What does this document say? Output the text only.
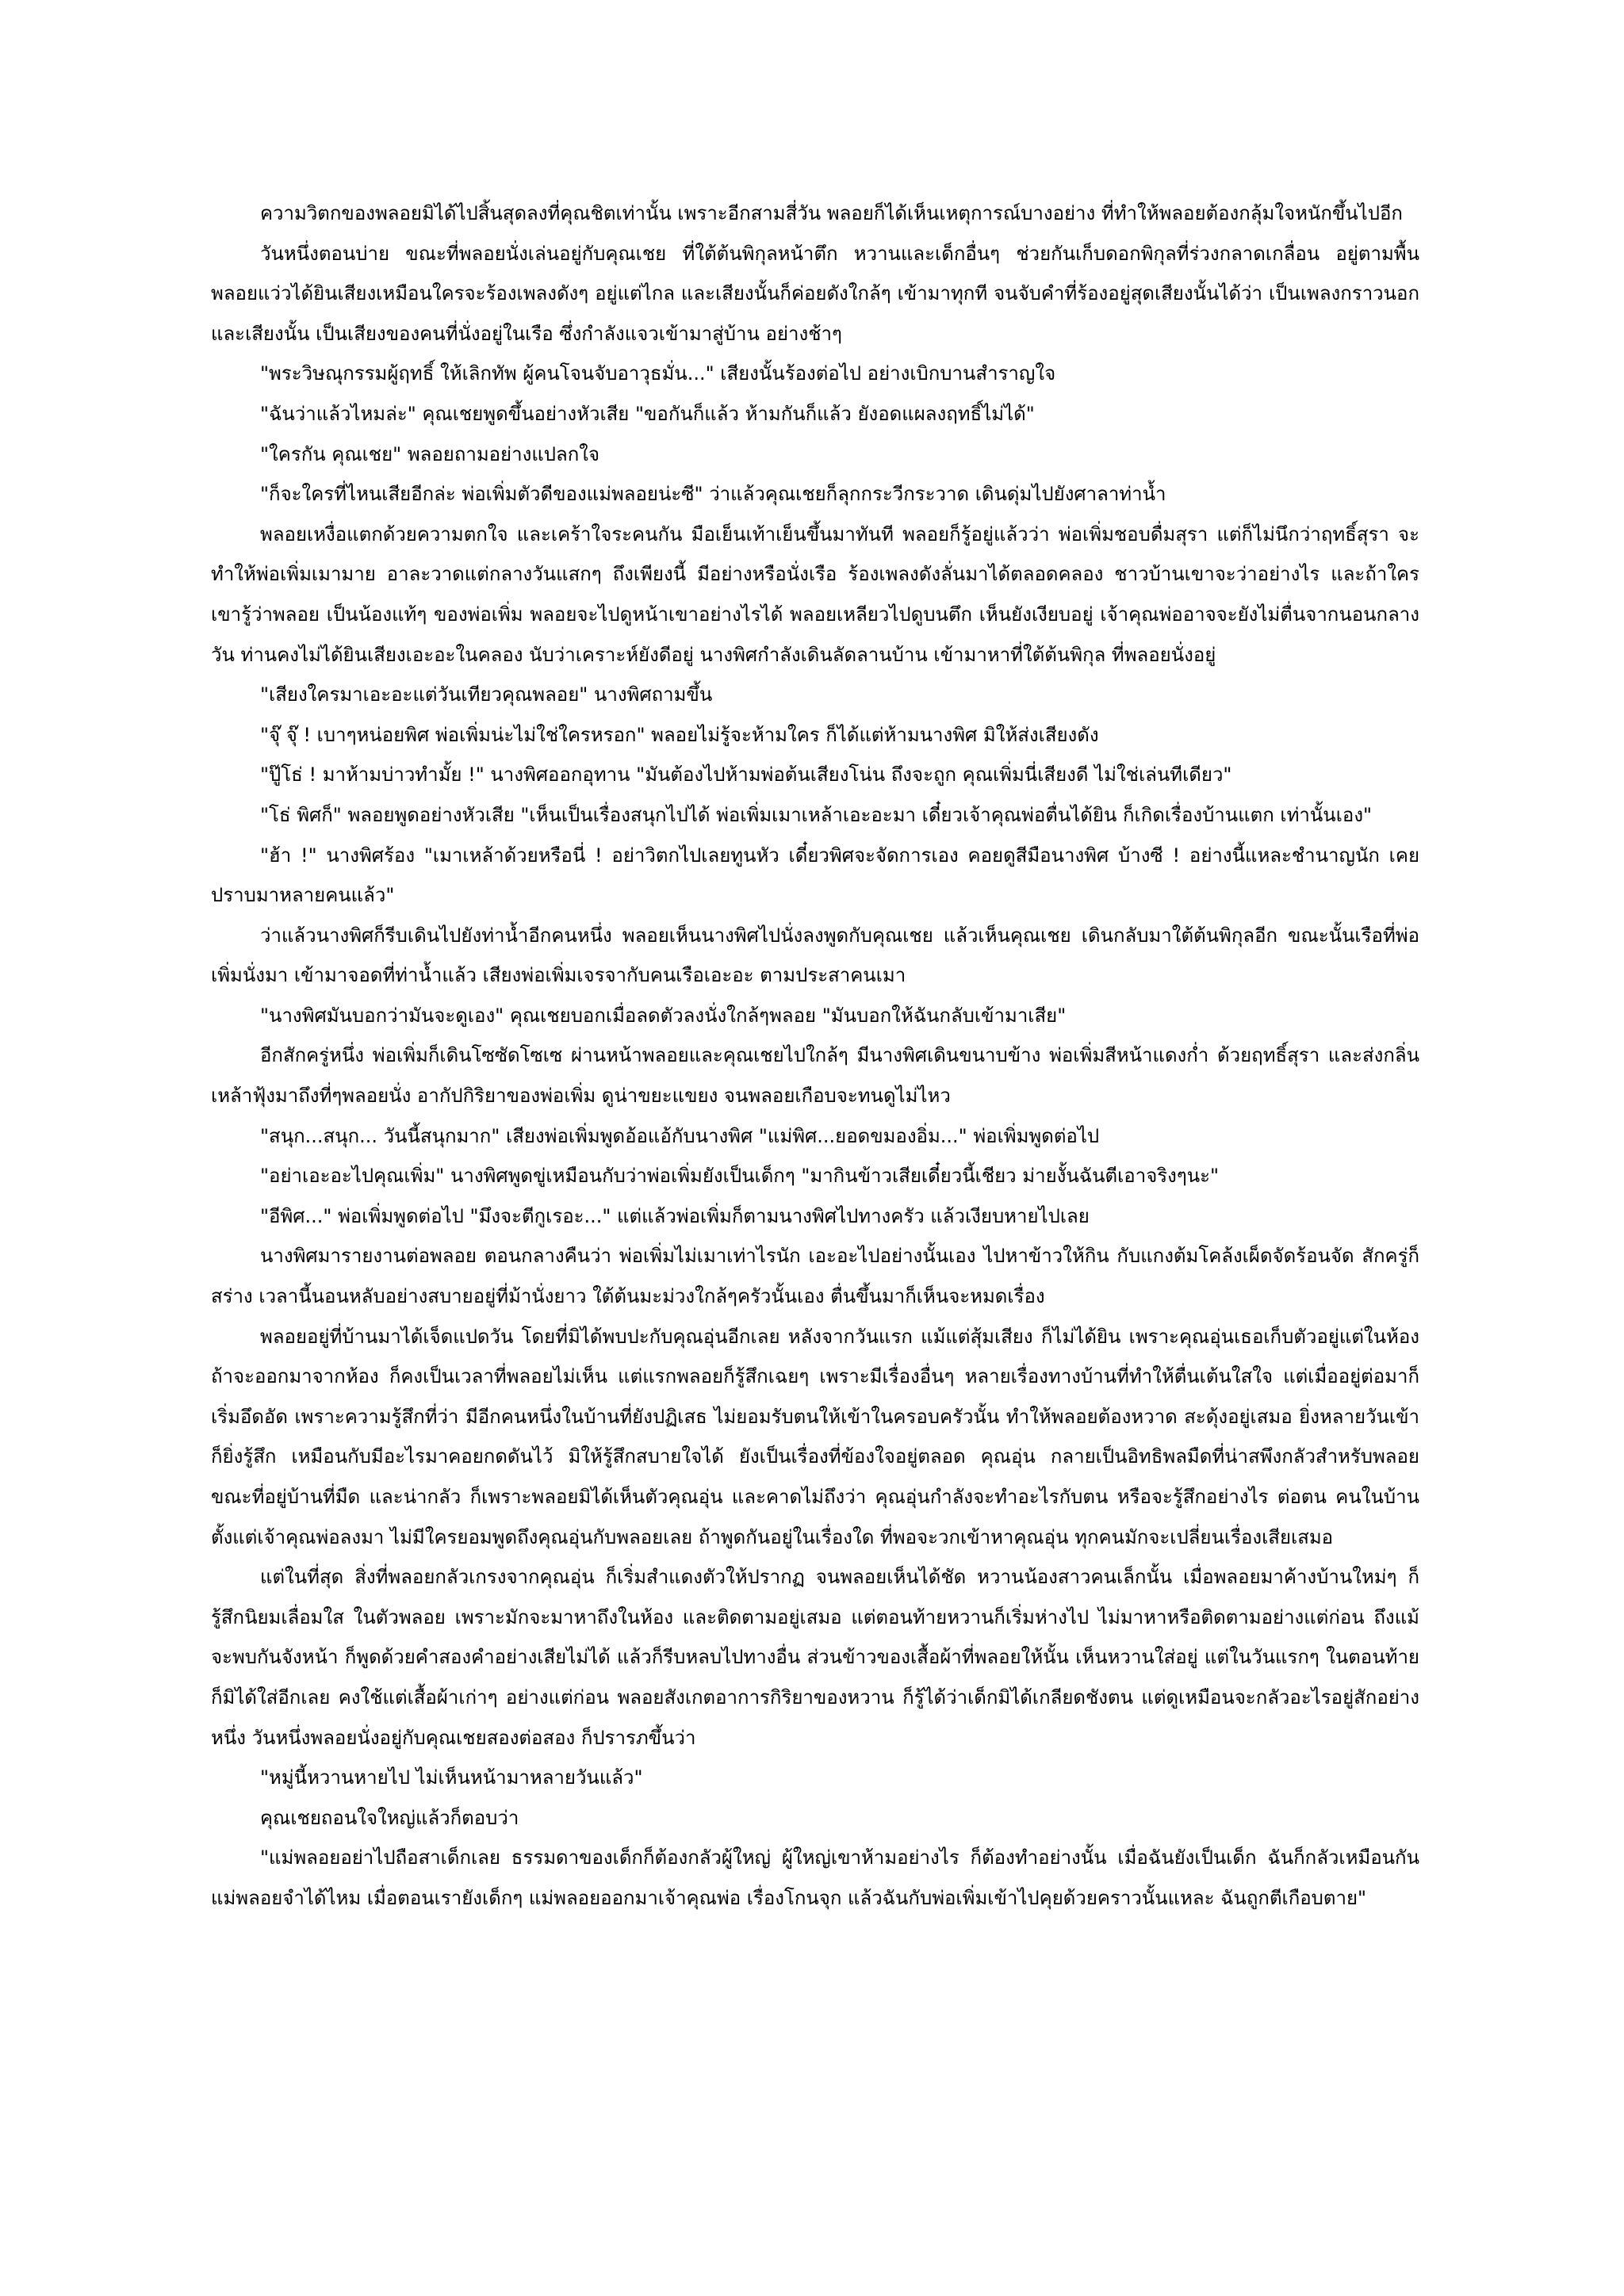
ความวิตกของพลอยมิได้ไปสิ้นสุดลงที่คุณชิตเท่านั้น เพราะอีกสามสี่วัน พลอยก็ได้เห็นเหตุการณ์บางอย่าง ที่ทำให้พลอยต้องกลุ้มใจหนักขึ้นไปอีก

วันหนึ่งตอนบ่าย ขณะที่พลอยนั่งเล่นอยู่กับคุณเชย ที่ใต้ต้นพิกุลหน้าตึก หวานและเด็กอื่นๆ ช่วยกันเก็บดอกพิกุลที่ร่วงกลาดเกลื่อน อยู่ตามพื้น พลอยแว่วได้ยินเสียงเหมือนใครจะร้องเพลงดังๆ อยู่แต่ไกล และเสียงนั้นก็ค่อยดังใกล้ๆ เข้ามาทุกที จนจับคำที่ร้องอยู่สุดเสียงนั้นได้ว่า เป็นเพลงกราวนอก และเสียงนั้น เป็นเสียงของคนที่นั่งอยู่ในเรือ ซึ่งกำลังแจวเข้ามาสู่บ้าน อย่างช้าๆ

"พระวิษณุกรรมผู้ฤทธิ์ ให้เลิกทัพ ผู้คนโจนจับอาวุธมั่น..." เสียงนั้นร้องต่อไป อย่างเบิกบานสำราญใจ

"ฉันว่าแล้วไหมล่ะ" คุณเชยพูดขึ้นอย่างหัวเสีย "ขอกันก็แล้ว ห้ามกันก็แล้ว ยังอดแผลงฤทธิ์ไม่ได้"

"ใครกัน คุณเชย" พลอยถามอย่างแปลกใจ

"ก็จะใครที่ไหนเสียอีกล่ะ พ่อเพิ่มตัวดีของแม่พลอยน่ะซี" ว่าแล้วคุณเชยก็ลุกกระวีกระวาด เดินดุ่มไปยังศาลาท่าน้ำ

พลอยเหงื่อแตกด้วยความตกใจ และเคร้าใจระคนกัน มือเย็นเท้าเย็นขึ้นมาทันที พลอยก็รู้อยู่แล้วว่า พ่อเพิ่มชอบดื่มสุรา แต่ก็ไม่นึกว่าฤทธิ์สุรา จะทำให้พ่อเพิ่มเมามาย อาละวาดแต่กลางวันแสกๆ ถึงเพียงนี้ มีอย่างหรือนั่งเรือ ร้องเพลงดังลั่นมาได้ตลอดคลอง ชาวบ้านเขาจะว่าอย่างไร และถ้าใครเขารู้ว่าพลอย เป็นน้องแท้ๆ ของพ่อเพิ่ม พลอยจะไปดูหน้าเขาอย่างไรได้ พลอยเหลียวไปดูบนตึก เห็นยังเงียบอยู่ เจ้าคุณพ่ออาจจะยังไม่ตื่นจากนอนกลางวัน ท่านคงไม่ได้ยินเสียงเอะอะในคลอง นับว่าเคราะห์ยังดีอยู่ นางพิศกำลังเดินลัดลานบ้าน เข้ามาหาที่ใต้ต้นพิกุล ที่พลอยนั่งอยู่

"เสียงใครมาเอะอะแต่วันเทียวคุณพลอย" นางพิศถามขึ้น

"จุ๊ จุ๊ ! เบาๆหน่อยพิศ พ่อเพิ่มน่ะไม่ใช่ใครหรอก" พลอยไม่รู้จะห้ามใคร ก็ได้แต่ห้ามนางพิศ มิให้ส่งเสียงดัง

"ปู๊โธ่ ! มาห้ามบ่าวทำมั้ย !" นางพิศออกอุทาน "มันต้องไปห้ามพ่อต้นเสียงโน่น ถึงจะถูก คุณเพิ่มนี่เสียงดี ไม่ใช่เล่นทีเดียว"

"โธ่ พิศก็" พลอยพูดอย่างหัวเสีย "เห็นเป็นเรื่องสนุกไปได้ พ่อเพิ่มเมาเหล้าเอะอะมา เดี๋ยวเจ้าคุณพ่อตื่นได้ยิน ก็เกิดเรื่องบ้านแตก เท่านั้นเอง"

"ฮ้า !" นางพิศร้อง "เมาเหล้าด้วยหรือนี่ ! อย่าวิตกไปเลยทูนหัว เดี๋ยวพิศจะจัดการเอง คอยดูสีมือนางพิศ บ้างซี ! อย่างนี้แหละชำนาญนัก เคยปราบมาหลายคนแล้ว"

ว่าแล้วนางพิศก็รีบเดินไปยังท่าน้ำอีกคนหนึ่ง พลอยเห็นนางพิศไปนั่งลงพูดกับคุณเชย แล้วเห็นคุณเชย เดินกลับมาใต้ต้นพิกุลอีก ขณะนั้นเรือที่พ่อเพิ่มนั่งมา เข้ามาจอดที่ท่าน้ำแล้ว เสียงพ่อเพิ่มเจรจากับคนเรือเอะอะ ตามประสาคนเมา

"นางพิศมันบอกว่ามันจะดูเอง" คุณเชยบอกเมื่อลดตัวลงนั่งใกล้ๆพลอย "มันบอกให้ฉันกลับเข้ามาเสีย"

อีกสักครู่หนึ่ง พ่อเพิ่มก็เดินโซซัดโซเซ ผ่านหน้าพลอยและคุณเชยไปใกล้ๆ มีนางพิศเดินขนาบข้าง พ่อเพิ่มสีหน้าแดงก่ำ ด้วยฤทธิ์สุรา และส่งกลิ่นเหล้าฟุ้งมาถึงที่ๆพลอยนั่ง อากัปกิริยาของพ่อเพิ่ม ดูน่าขยะแขยง จนพลอยเกือบจะทนดูไม่ไหว

"สนุก...สนุก... วันนี้สนุกมาก" เสียงพ่อเพิ่มพูดอ้อแอ้กับนางพิศ "แม่พิศ...ยอดขมองอิ่ม..." พ่อเพิ่มพูดต่อไป

"อย่าเอะอะไปคุณเพิ่ม" นางพิศพูดขู่เหมือนกับว่าพ่อเพิ่มยังเป็นเด็กๆ "มากินข้าวเสียเดี๋ยวนี้เชียว ม่ายงั้นฉันตีเอาจริงๆนะ"

"อีพิศ..." พ่อเพิ่มพูดต่อไป "มึงจะตีกูเรอะ..." แต่แล้วพ่อเพิ่มก็ตามนางพิศไปทางครัว แล้วเงียบหายไปเลย

นางพิศมารายงานต่อพลอย ตอนกลางคืนว่า พ่อเพิ่มไม่เมาเท่าไรนัก เอะอะไปอย่างนั้นเอง ไปหาข้าวให้กิน กับแกงต้มโคล้งเผ็ดจัดร้อนจัด สักครู่ก็สร่าง เวลานี้นอนหลับอย่างสบายอยู่ที่ม้านั่งยาว ใต้ต้นมะม่วงใกล้ๆครัวนั้นเอง ตื่นขึ้นมาก็เห็นจะหมดเรื่อง

พลอยอยู่ที่บ้านมาได้เจ็ดแปดวัน โดยที่มิได้พบปะกับคุณอุ่นอีกเลย หลังจากวันแรก แม้แต่สุ้มเสียง ก็ไม่ได้ยิน เพราะคุณอุ่นเธอเก็บตัวอยู่แต่ในห้อง ถ้าจะออกมาจากห้อง ก็คงเป็นเวลาที่พลอยไม่เห็น แต่แรกพลอยก็รู้สึกเฉยๆ เพราะมีเรื่องอื่นๆ หลายเรื่องทางบ้านที่ทำให้ตื่นเต้นใสใจ แต่เมื่ออยู่ต่อมาก็เริ่มอึดอัด เพราะความรู้สึกที่ว่า มีอีกคนหนึ่งในบ้านที่ยังปฏิเสธ ไม่ยอมรับตนให้เข้าในครอบครัวนั้น ทำให้พลอยต้องหวาด สะดุ้งอยู่เสมอ ยิ่งหลายวันเข้าก็ยิ่งรู้สึก เหมือนกับมีอะไรมาคอยกดดันไว้ มิให้รู้สึกสบายใจได้ ยังเป็นเรื่องที่ข้องใจอยู่ตลอด คุณอุ่น กลายเป็นอิทธิพลมืดที่น่าสพึงกลัวสำหรับพลอย ขณะที่อยู่บ้านที่มืด และน่ากลัว ก็เพราะพลอยมิได้เห็นตัวคุณอุ่น และคาดไม่ถึงว่า คุณอุ่นกำลังจะทำอะไรกับตน หรือจะรู้สึกอย่างไร ต่อตน คนในบ้านตั้งแต่เจ้าคุณพ่อลงมา ไม่มีใครยอมพูดถึงคุณอุ่นกับพลอยเลย ถ้าพูดกันอยู่ในเรื่องใด ที่พอจะวกเข้าหาคุณอุ่น ทุกคนมักจะเปลี่ยนเรื่องเสียเสมอ

แต่ในที่สุด สิ่งที่พลอยกลัวเกรงจากคุณอุ่น ก็เริ่มสำแดงตัวให้ปรากฏ จนพลอยเห็นได้ชัด หวานน้องสาวคนเล็กนั้น เมื่อพลอยมาค้างบ้านใหม่ๆ ก็รู้สึกนิยมเลื่อมใส ในตัวพลอย เพราะมักจะมาหาถึงในห้อง และติดตามอยู่เสมอ แต่ตอนท้ายหวานก็เริ่มห่างไป ไม่มาหาหรือติดตามอย่างแต่ก่อน ถึงแม้จะพบกันจังหน้า ก็พูดด้วยคำสองคำอย่างเสียไม่ได้ แล้วก็รีบหลบไปทางอื่น ส่วนข้าวของเสื้อผ้าที่พลอยให้นั้น เห็นหวานใส่อยู่ แต่ในวันแรกๆ ในตอนท้ายก็มิได้ใส่อีกเลย คงใช้แต่เสื้อผ้าเก่าๆ อย่างแต่ก่อน พลอยสังเกตอาการกิริยาของหวาน ก็รู้ได้ว่าเด็กมิได้เกลียดชังตน แต่ดูเหมือนจะกลัวอะไรอยู่สักอย่างหนึ่ง วันหนึ่งพลอยนั่งอยู่กับคุณเชยสองต่อสอง ก็ปรารภขึ้นว่า

"หมู่นี้หวานหายไป ไม่เห็นหน้ามาหลายวันแล้ว"

คุณเชยถอนใจใหญ่แล้วก็ตอบว่า

"แม่พลอยอย่าไปถือสาเด็กเลย ธรรมดาของเด็กก็ต้องกลัวผู้ใหญ่ ผู้ใหญ่เขาห้ามอย่างไร ก็ต้องทำอย่างนั้น เมื่อฉันยังเป็นเด็ก ฉันก็กลัวเหมือนกัน แม่พลอยจำได้ไหม เมื่อตอนเรายังเด็กๆ แม่พลอยออกมาเจ้าคุณพ่อ เรื่องโกนจุก แล้วฉันกับพ่อเพิ่มเข้าไปคุยด้วยคราวนั้นแหละ ฉันถูกตีเกือบตาย"
